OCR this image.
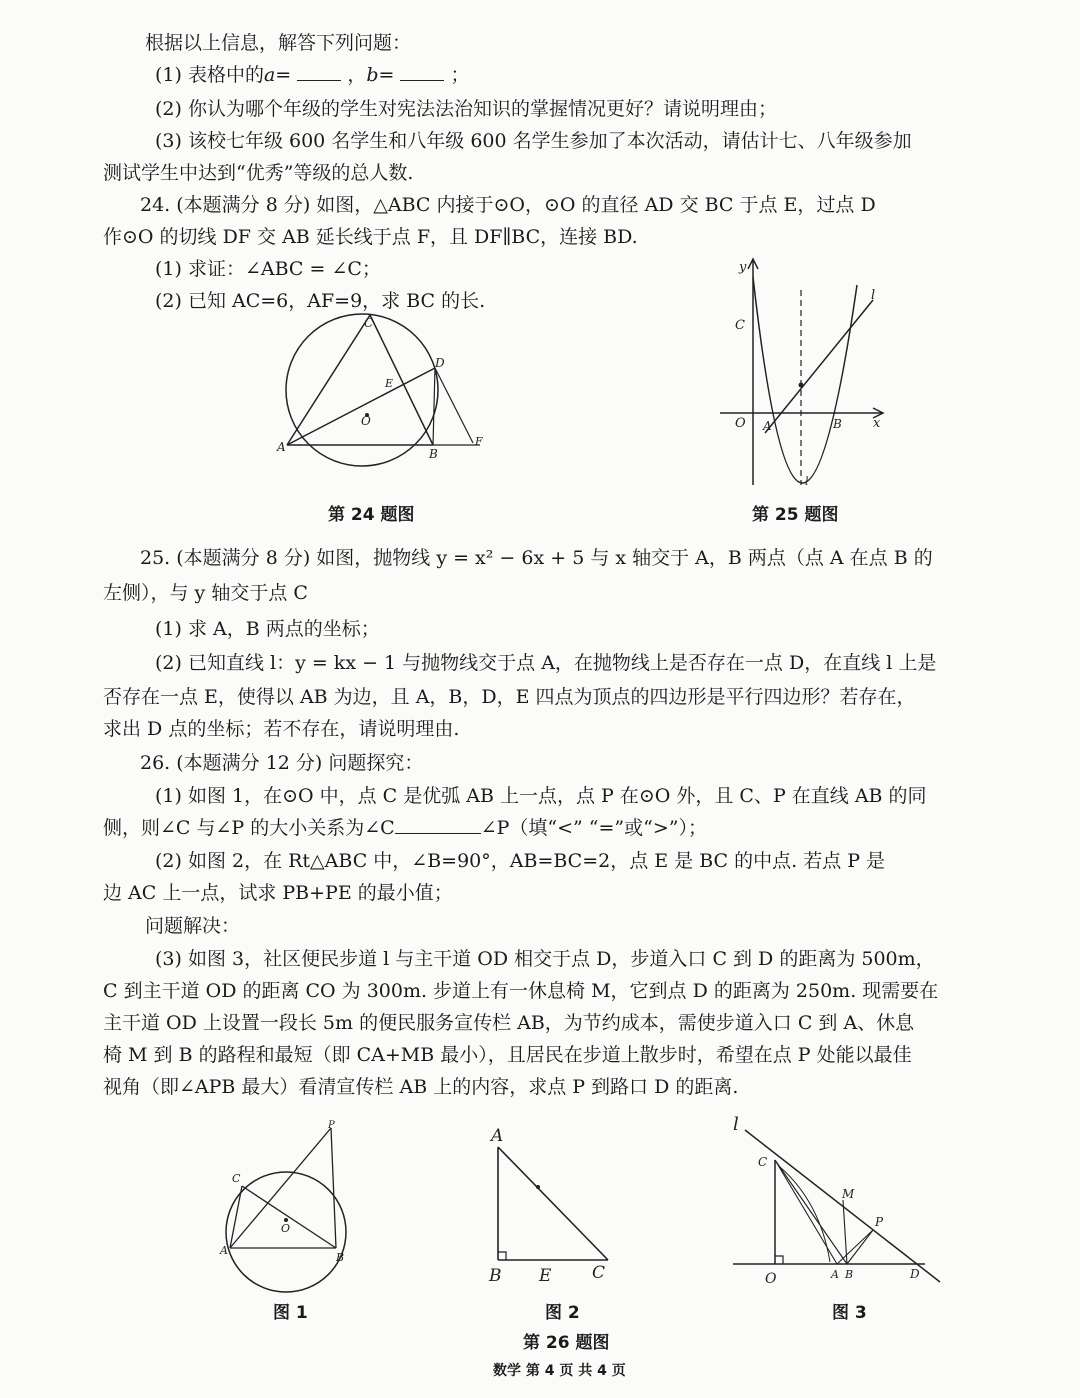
根据以上信息，解答下列问题：
(1) 表格中的a=	，b=	；
(2) 你认为哪个年级的学生对宪法法治知识的掌握情况更好？请说明理由；
(3) 该校七年级 600 名学生和八年级 600 名学生参加了本次活动，请估计七、八年级参加
测试学生中达到“优秀”等级的总人数.
24. (本题满分 8 分) 如图，△ABC 内接于⊙O，⊙O 的直径 AD 交 BC 于点 E，过点 D
作⊙O 的切线 DF 交 AB 延长线于点 F，且 DF∥BC，连接 BD.
(1) 求证：∠ABC = ∠C；
(2) 已知 AC=6，AF=9，求 BC 的长.
C
A	B
D
E
O
F
第 24 题图
y
C
O A	B x
l
l
第 25 题图
25. (本题满分 8 分) 如图，抛物线 y = x² − 6x + 5 与 x 轴交于 A，B 两点（点 A 在点 B 的
左侧），与 y 轴交于点 C
(1) 求 A，B 两点的坐标；
(2) 已知直线 l：y = kx − 1 与抛物线交于点 A，在抛物线上是否存在一点 D，在直线 l 上是
否存在一点 E，使得以 AB 为边，且 A，B，D，E 四点为顶点的四边形是平行四边形？若存在，
求出 D 点的坐标；若不存在，请说明理由.
26. (本题满分 12 分) 问题探究：
(1) 如图 1，在⊙O 中，点 C 是优弧 AB 上一点，点 P 在⊙O 外，且 C、P 在直线 AB 的同
侧，则∠C 与∠P 的大小关系为∠C	∠P（填“<” “=”或“>”）；
(2) 如图 2，在 Rt△ABC 中，∠B=90°，AB=BC=2，点 E 是 BC 的中点. 若点 P 是
边 AC 上一点，试求 PB+PE 的最小值；
问题解决：
(3) 如图 3，社区便民步道 l 与主干道 OD 相交于点 D，步道入口 C 到 D 的距离为 500m，
C 到主干道 OD 的距离 CO 为 300m. 步道上有一休息椅 M，它到点 D 的距离为 250m. 现需要在
主干道 OD 上设置一段长 5m 的便民服务宣传栏 AB，为节约成本，需使步道入口 C 到 A、休息
椅 M 到 B 的路程和最短（即 CA+MB 最小），且居民在步道上散步时，希望在点 P 处能以最佳
视角（即∠APB 最大）看清宣传栏 AB 上的内容，求点 P 到路口 D 的距离.
P
C
A
B
O
图 1
A
B E C
图 2
l
C
M
P
O	A B	D
图 3
第 26 题图
数学 第 4 页 共 4 页
